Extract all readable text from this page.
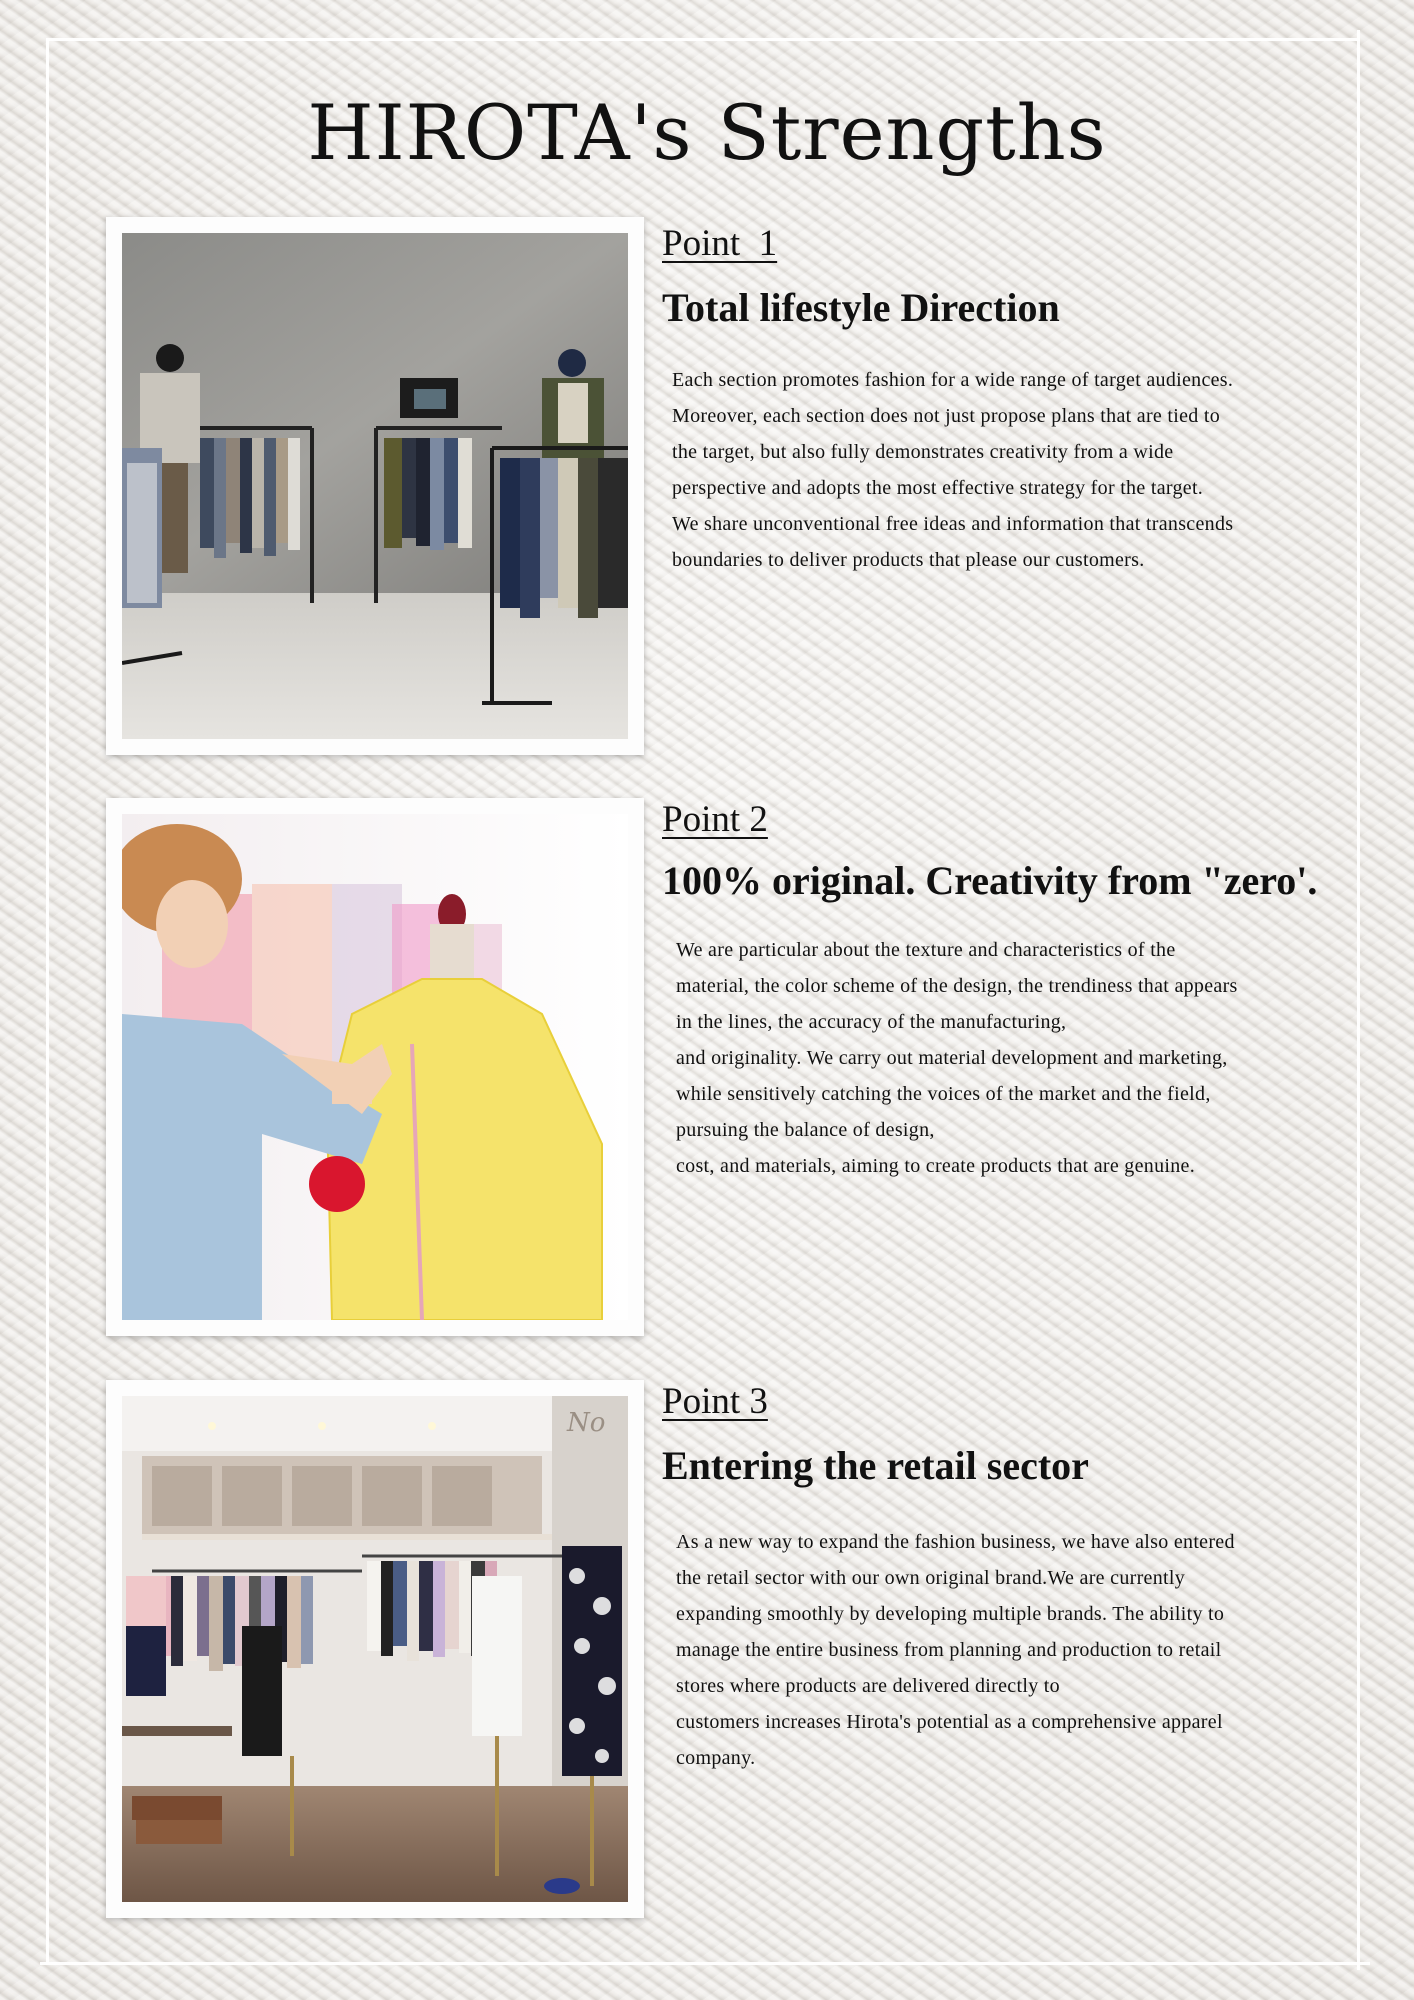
HIROTA's Strengths
Point  1
Total lifestyle Direction
Each section promotes fashion for a wide range of target audiences.
Moreover, each section does not just propose plans that are tied to
the target, but also fully demonstrates creativity from a wide
perspective and adopts the most effective strategy for the target.
We share unconventional free ideas and information that transcends
boundaries to deliver products that please our customers.
Point 2
100% original. Creativity from "zero'.
We are particular about the texture and characteristics of the
material, the color scheme of the design, the trendiness that appears
in the lines, the accuracy of the manufacturing,
and originality. We carry out material development and marketing,
while sensitively catching the voices of the market and the field,
pursuing the balance of design,
cost, and materials, aiming to create products that are genuine.
No
Point 3
Entering the retail sector
As a new way to expand the fashion business, we have also entered
the retail sector with our own original brand.We are currently
expanding smoothly by developing multiple brands. The ability to
manage the entire business from planning and production to retail
stores where products are delivered directly to
customers increases Hirota's potential as a comprehensive apparel
company.
